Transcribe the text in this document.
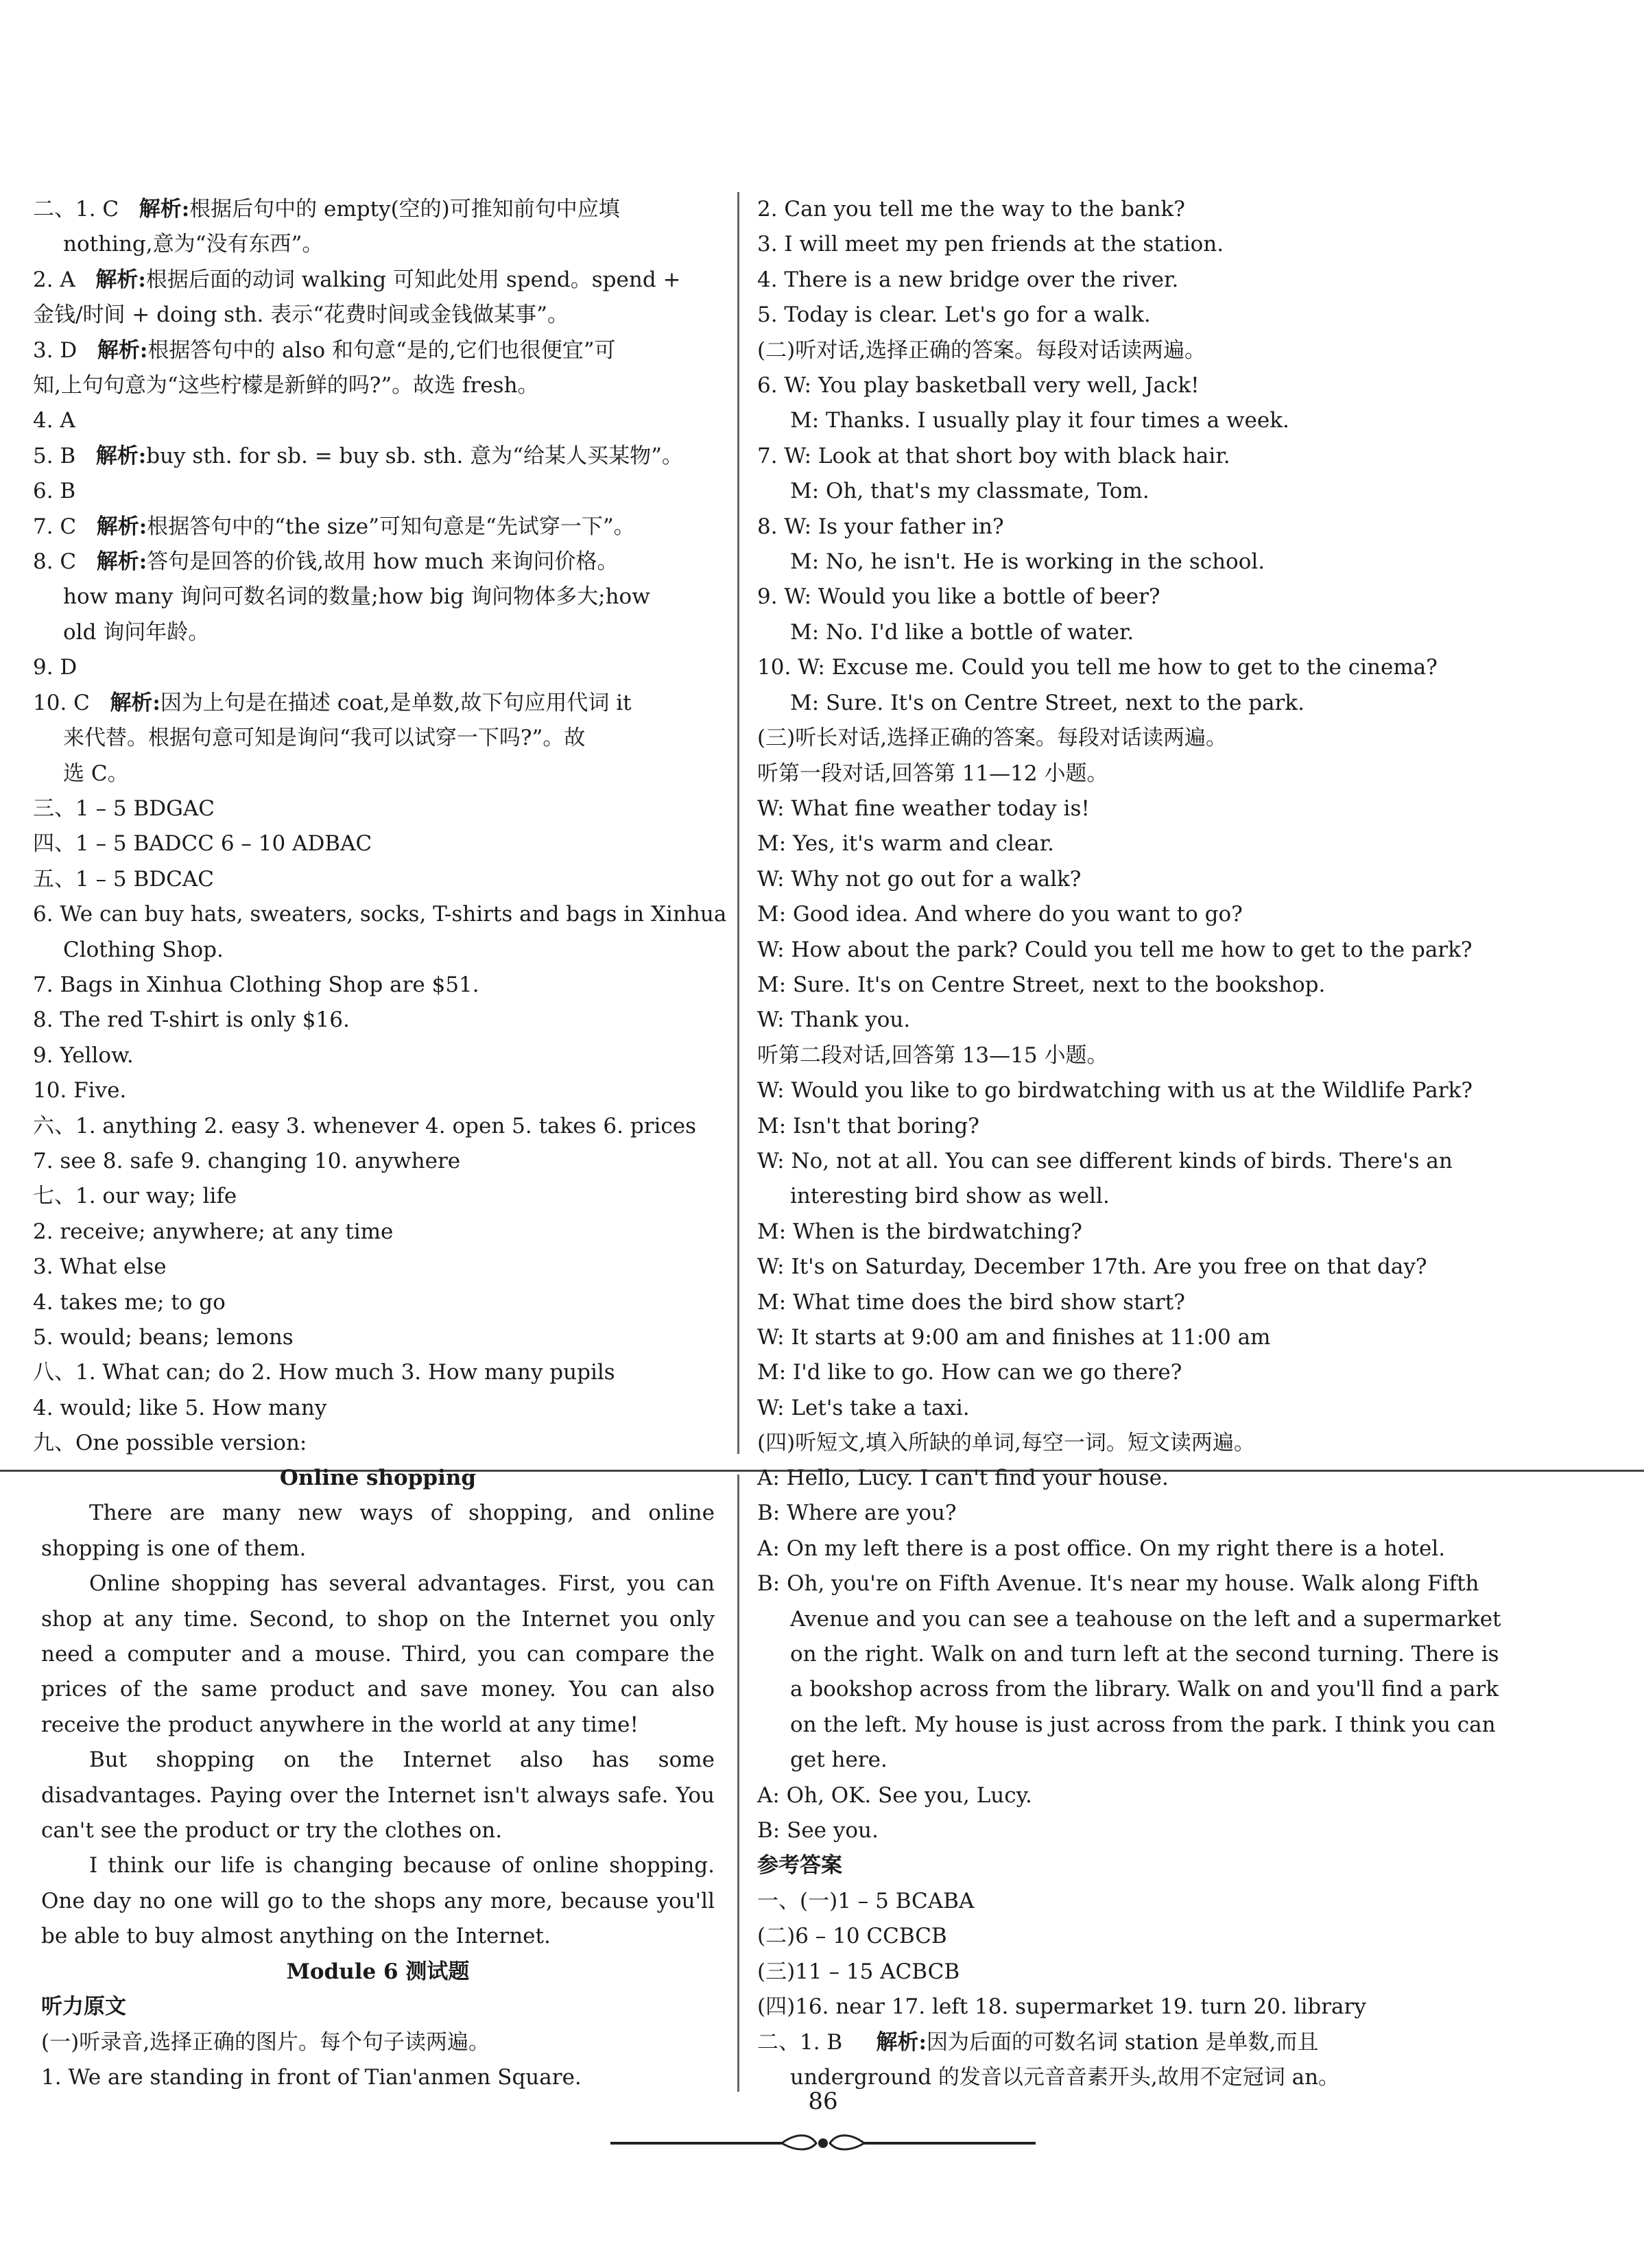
二、1. C 解析:根据后句中的 empty(空的)可推知前句中应填
nothing,意为“没有东西”。
2. A 解析:根据后面的动词 walking 可知此处用 spend。spend +
金钱/时间 + doing sth. 表示“花费时间或金钱做某事”。
3. D 解析:根据答句中的 also 和句意“是的,它们也很便宜”可
知,上句句意为“这些柠檬是新鲜的吗?”。故选 fresh。
4. A
5. B 解析:buy sth. for sb. = buy sb. sth. 意为“给某人买某物”。
6. B
7. C 解析:根据答句中的“the size”可知句意是“先试穿一下”。
8. C 解析:答句是回答的价钱,故用 how much 来询问价格。
how many 询问可数名词的数量;how big 询问物体多大;how
old 询问年龄。
9. D
10. C 解析:因为上句是在描述 coat,是单数,故下句应用代词 it
来代替。根据句意可知是询问“我可以试穿一下吗?”。故
选 C。
三、1 – 5 BDGAC
四、1 – 5 BADCC 6 – 10 ADBAC
五、1 – 5 BDCAC
6. We can buy hats, sweaters, socks, T-shirts and bags in Xinhua
Clothing Shop.
7. Bags in Xinhua Clothing Shop are $51.
8. The red T-shirt is only $16.
9. Yellow.
10. Five.
六、1. anything 2. easy 3. whenever 4. open 5. takes 6. prices
7. see 8. safe 9. changing 10. anywhere
七、1. our way; life
2. receive; anywhere; at any time
3. What else
4. takes me; to go
5. would; beans; lemons
八、1. What can; do 2. How much 3. How many pupils
4. would; like 5. How many
九、One possible version:
2. Can you tell me the way to the bank?
3. I will meet my pen friends at the station.
4. There is a new bridge over the river.
5. Today is clear. Let's go for a walk.
(二)听对话,选择正确的答案。每段对话读两遍。
6. W: You play basketball very well, Jack!
M: Thanks. I usually play it four times a week.
7. W: Look at that short boy with black hair.
M: Oh, that's my classmate, Tom.
8. W: Is your father in?
M: No, he isn't. He is working in the school.
9. W: Would you like a bottle of beer?
M: No. I'd like a bottle of water.
10. W: Excuse me. Could you tell me how to get to the cinema?
M: Sure. It's on Centre Street, next to the park.
(三)听长对话,选择正确的答案。每段对话读两遍。
听第一段对话,回答第 11—12 小题。
W: What fine weather today is!
M: Yes, it's warm and clear.
W: Why not go out for a walk?
M: Good idea. And where do you want to go?
W: How about the park? Could you tell me how to get to the park?
M: Sure. It's on Centre Street, next to the bookshop.
W: Thank you.
听第二段对话,回答第 13—15 小题。
W: Would you like to go birdwatching with us at the Wildlife Park?
M: Isn't that boring?
W: No, not at all. You can see different kinds of birds. There's an
interesting bird show as well.
M: When is the birdwatching?
W: It's on Saturday, December 17th. Are you free on that day?
M: What time does the bird show start?
W: It starts at 9:00 am and finishes at 11:00 am
M: I'd like to go. How can we go there?
W: Let's take a taxi.
(四)听短文,填入所缺的单词,每空一词。短文读两遍。
Online shopping
There are many new ways of shopping, and online shopping is one of them.
Online shopping has several advantages. First, you can shop at any time. Second, to shop on the Internet you only need a computer and a mouse. Third, you can compare the prices of the same product and save money. You can also receive the product anywhere in the world at any time!
But shopping on the Internet also has some disadvantages. Paying over the Internet isn't always safe. You can't see the product or try the clothes on.
I think our life is changing because of online shopping. One day no one will go to the shops any more, because you'll be able to buy almost anything on the Internet.
Module 6 测试题
听力原文
(一)听录音,选择正确的图片。每个句子读两遍。
1. We are standing in front of Tian'anmen Square.
A: Hello, Lucy. I can't find your house.
B: Where are you?
A: On my left there is a post office. On my right there is a hotel.
B: Oh, you're on Fifth Avenue. It's near my house. Walk along Fifth
Avenue and you can see a teahouse on the left and a supermarket
on the right. Walk on and turn left at the second turning. There is
a bookshop across from the library. Walk on and you'll find a park
on the left. My house is just across from the park. I think you can
get here.
A: Oh, OK. See you, Lucy.
B: See you.
参考答案
一、(一)1 – 5 BCABA
(二)6 – 10 CCBCB
(三)11 – 15 ACBCB
(四)16. near 17. left 18. supermarket 19. turn 20. library
二、1. B 解析:因为后面的可数名词 station 是单数,而且
underground 的发音以元音音素开头,故用不定冠词 an。
86
